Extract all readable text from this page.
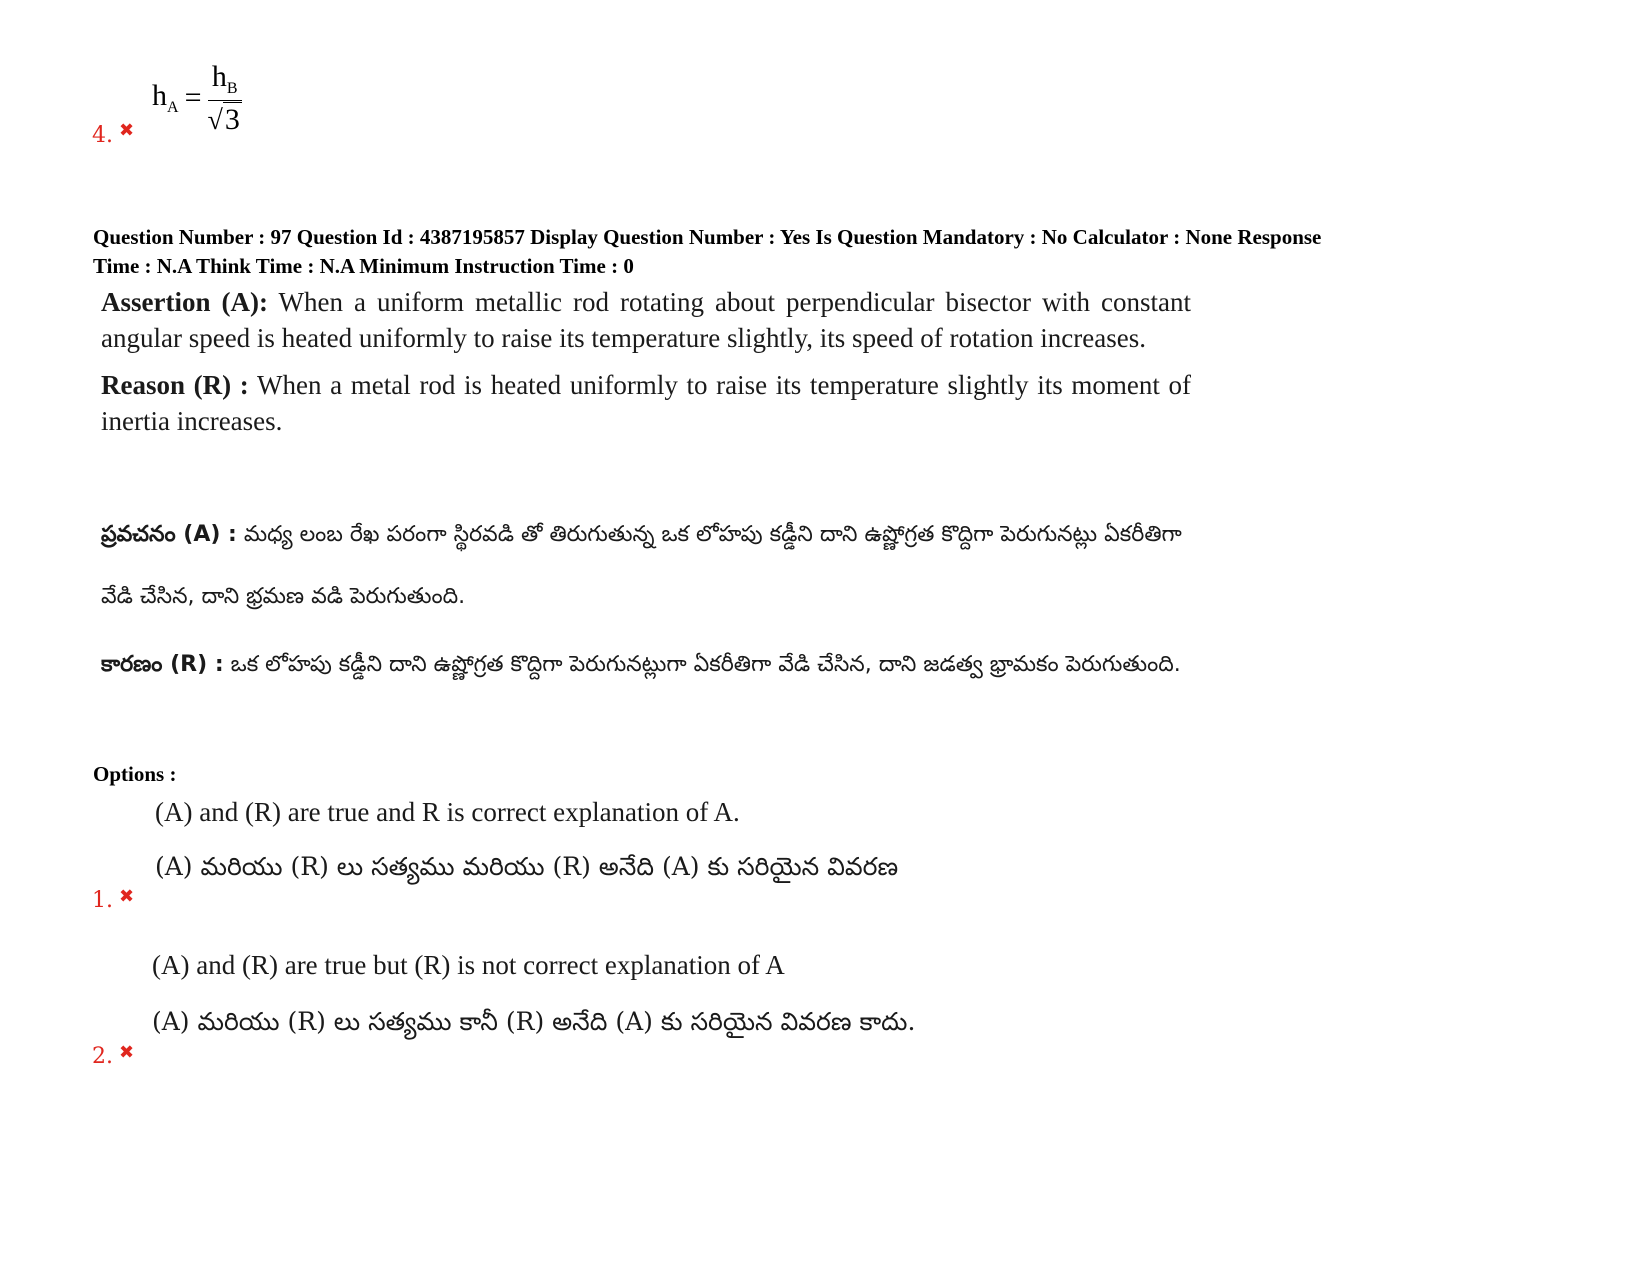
$h_A = \frac{h_B}{√3}$
4. ✖
Question Number : 97 Question Id : 4387195857 Display Question Number : Yes Is Question Mandatory : No Calculator : None Response
Time : N.A Think Time : N.A Minimum Instruction Time : 0
Assertion (A): When a uniform metallic rod rotating about perpendicular bisector with constant angular speed is heated uniformly to raise its temperature slightly, its speed of rotation increases.
Reason (R) : When a metal rod is heated uniformly to raise its temperature slightly its moment of inertia increases.
ప్రవచనం (A) : మధ్య లంబ రేఖ పరంగా స్థిరవడి తో తిరుగుతున్న ఒక లోహపు కడ్డీని దాని ఉష్ణోగ్రత కొద్దిగా పెరుగునట్లు ఏకరీతిగా వేడి చేసిన, దాని భ్రమణ వడి పెరుగుతుంది.
కారణం (R) : ఒక లోహపు కడ్డీని దాని ఉష్ణోగ్రత కొద్దిగా పెరుగునట్లుగా ఏకరీతిగా వేడి చేసిన, దాని జడత్వ భ్రామకం పెరుగుతుంది.
Options :
(A) and (R) are true and R is correct explanation of A.
(A) మరియు (R) లు సత్యము మరియు (R) అనేది (A) కు సరియైన వివరణ
1. ✖
(A) and (R) are true but (R) is not correct explanation of A
(A) మరియు (R) లు సత్యము కానీ (R) అనేది (A) కు సరియైన వివరణ కాదు.
2. ✖
